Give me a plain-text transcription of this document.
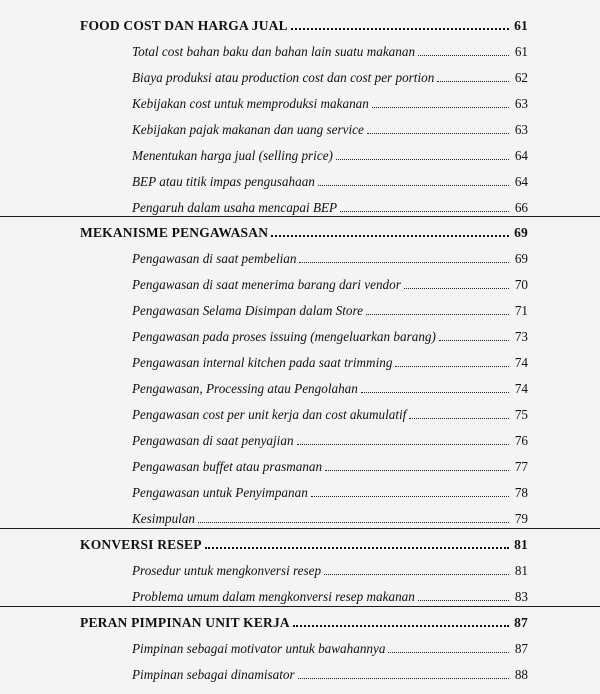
FOOD COST DAN HARGA JUAL	61
Total cost bahan baku dan bahan lain suatu makanan	61
Biaya produksi atau production cost dan cost per portion	62
Kebijakan cost untuk memproduksi makanan	63
Kebijakan pajak makanan dan uang service	63
Menentukan harga jual (selling price)	64
BEP atau titik impas pengusahaan	64
Pengaruh dalam usaha mencapai BEP	66
MEKANISME PENGAWASAN	69
Pengawasan di saat pembelian	69
Pengawasan di saat menerima barang dari vendor	70
Pengawasan Selama Disimpan dalam Store	71
Pengawasan pada proses issuing (mengeluarkan barang)	73
Pengawasan internal kitchen pada saat trimming	74
Pengawasan, Processing atau Pengolahan	74
Pengawasan cost per unit kerja dan cost akumulatif	75
Pengawasan di saat penyajian	76
Pengawasan buffet atau prasmanan	77
Pengawasan untuk Penyimpanan	78
Kesimpulan	79
KONVERSI RESEP	81
Prosedur untuk mengkonversi resep	81
Problema umum dalam mengkonversi resep makanan	83
PERAN PIMPINAN UNIT KERJA	87
Pimpinan sebagai motivator untuk bawahannya	87
Pimpinan sebagai dinamisator	88
